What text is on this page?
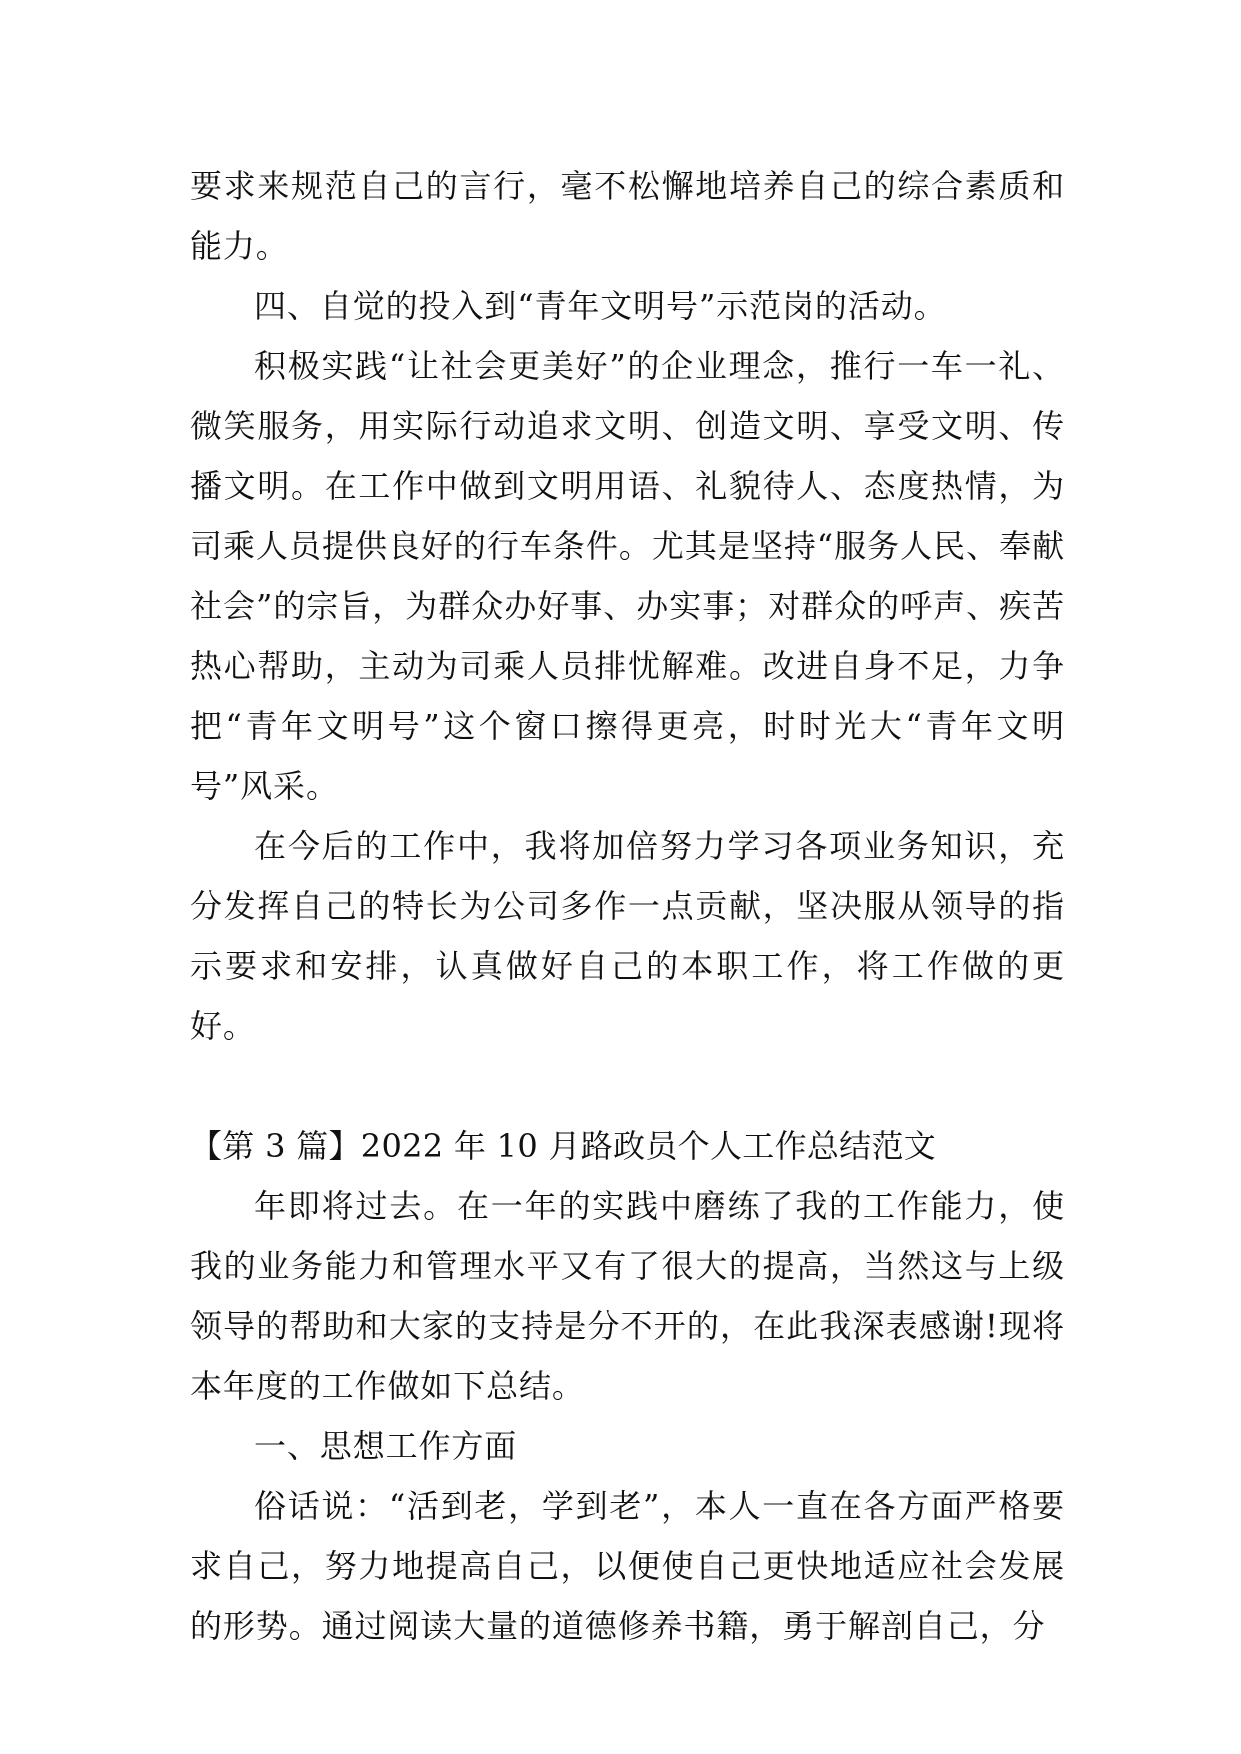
要求来规范自己的言行，毫不松懈地培养自己的综合素质和能力。

四、自觉的投入到“青年文明号”示范岗的活动。

积极实践“让社会更美好”的企业理念，推行一车一礼、微笑服务，用实际行动追求文明、创造文明、享受文明、传播文明。在工作中做到文明用语、礼貌待人、态度热情，为司乘人员提供良好的行车条件。尤其是坚持“服务人民、奉献社会”的宗旨，为群众办好事、办实事；对群众的呼声、疾苦热心帮助，主动为司乘人员排忧解难。改进自身不足，力争把“青年文明号”这个窗口擦得更亮，时时光大“青年文明号”风采。

在今后的工作中，我将加倍努力学习各项业务知识，充分发挥自己的特长为公司多作一点贡献，坚决服从领导的指示要求和安排，认真做好自己的本职工作，将工作做的更好。

【第 3 篇】2022 年 10 月路政员个人工作总结范文

年即将过去。在一年的实践中磨练了我的工作能力，使我的业务能力和管理水平又有了很大的提高，当然这与上级领导的帮助和大家的支持是分不开的，在此我深表感谢!现将本年度的工作做如下总结。

一、思想工作方面

俗话说：“活到老，学到老”，本人一直在各方面严格要求自己，努力地提高自己，以便使自己更快地适应社会发展的形势。通过阅读大量的道德修养书籍，勇于解剖自己，分
